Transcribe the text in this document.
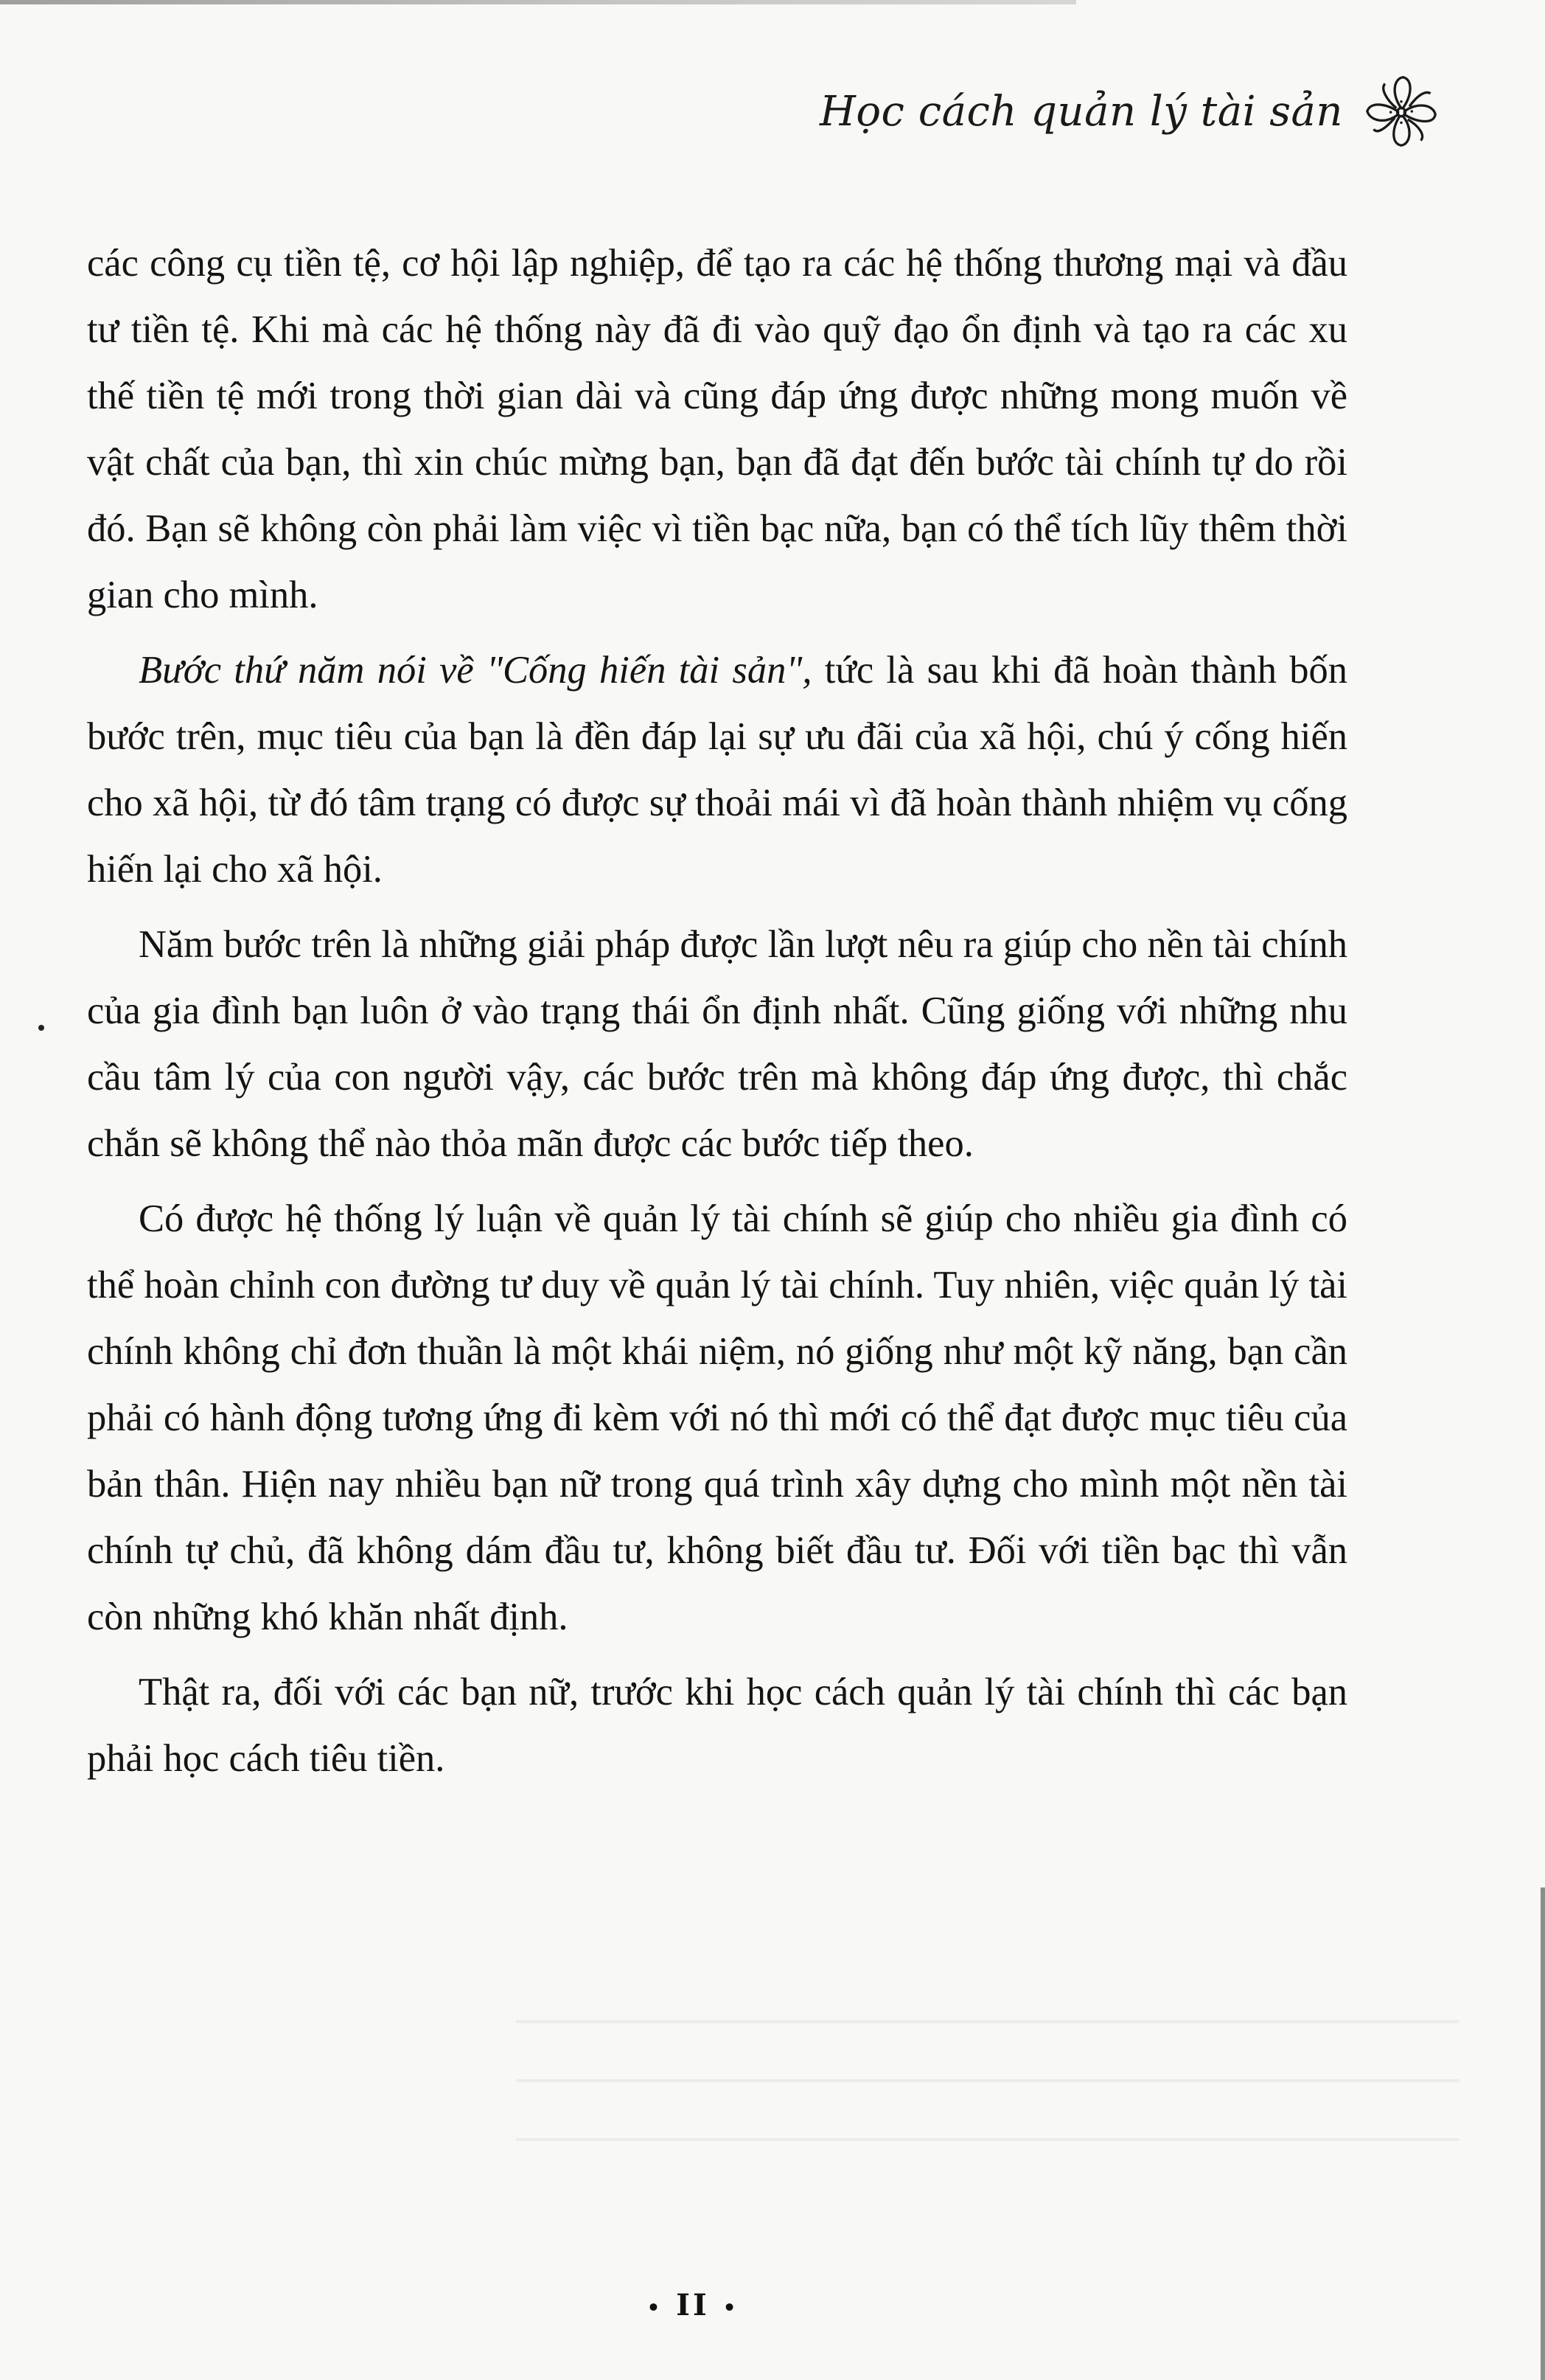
Học cách quản lý tài sản

các công cụ tiền tệ, cơ hội lập nghiệp, để tạo ra các hệ thống thương mại và đầu tư tiền tệ. Khi mà các hệ thống này đã đi vào quỹ đạo ổn định và tạo ra các xu thế tiền tệ mới trong thời gian dài và cũng đáp ứng được những mong muốn về vật chất của bạn, thì xin chúc mừng bạn, bạn đã đạt đến bước tài chính tự do rồi đó. Bạn sẽ không còn phải làm việc vì tiền bạc nữa, bạn có thể tích lũy thêm thời gian cho mình.

Bước thứ năm nói về "Cống hiến tài sản", tức là sau khi đã hoàn thành bốn bước trên, mục tiêu của bạn là đền đáp lại sự ưu đãi của xã hội, chú ý cống hiến cho xã hội, từ đó tâm trạng có được sự thoải mái vì đã hoàn thành nhiệm vụ cống hiến lại cho xã hội.

Năm bước trên là những giải pháp được lần lượt nêu ra giúp cho nền tài chính của gia đình bạn luôn ở vào trạng thái ổn định nhất. Cũng giống với những nhu cầu tâm lý của con người vậy, các bước trên mà không đáp ứng được, thì chắc chắn sẽ không thể nào thỏa mãn được các bước tiếp theo.

Có được hệ thống lý luận về quản lý tài chính sẽ giúp cho nhiều gia đình có thể hoàn chỉnh con đường tư duy về quản lý tài chính. Tuy nhiên, việc quản lý tài chính không chỉ đơn thuần là một khái niệm, nó giống như một kỹ năng, bạn cần phải có hành động tương ứng đi kèm với nó thì mới có thể đạt được mục tiêu của bản thân. Hiện nay nhiều bạn nữ trong quá trình xây dựng cho mình một nền tài chính tự chủ, đã không dám đầu tư, không biết đầu tư. Đối với tiền bạc thì vẫn còn những khó khăn nhất định.

Thật ra, đối với các bạn nữ, trước khi học cách quản lý tài chính thì các bạn phải học cách tiêu tiền.

• II •
